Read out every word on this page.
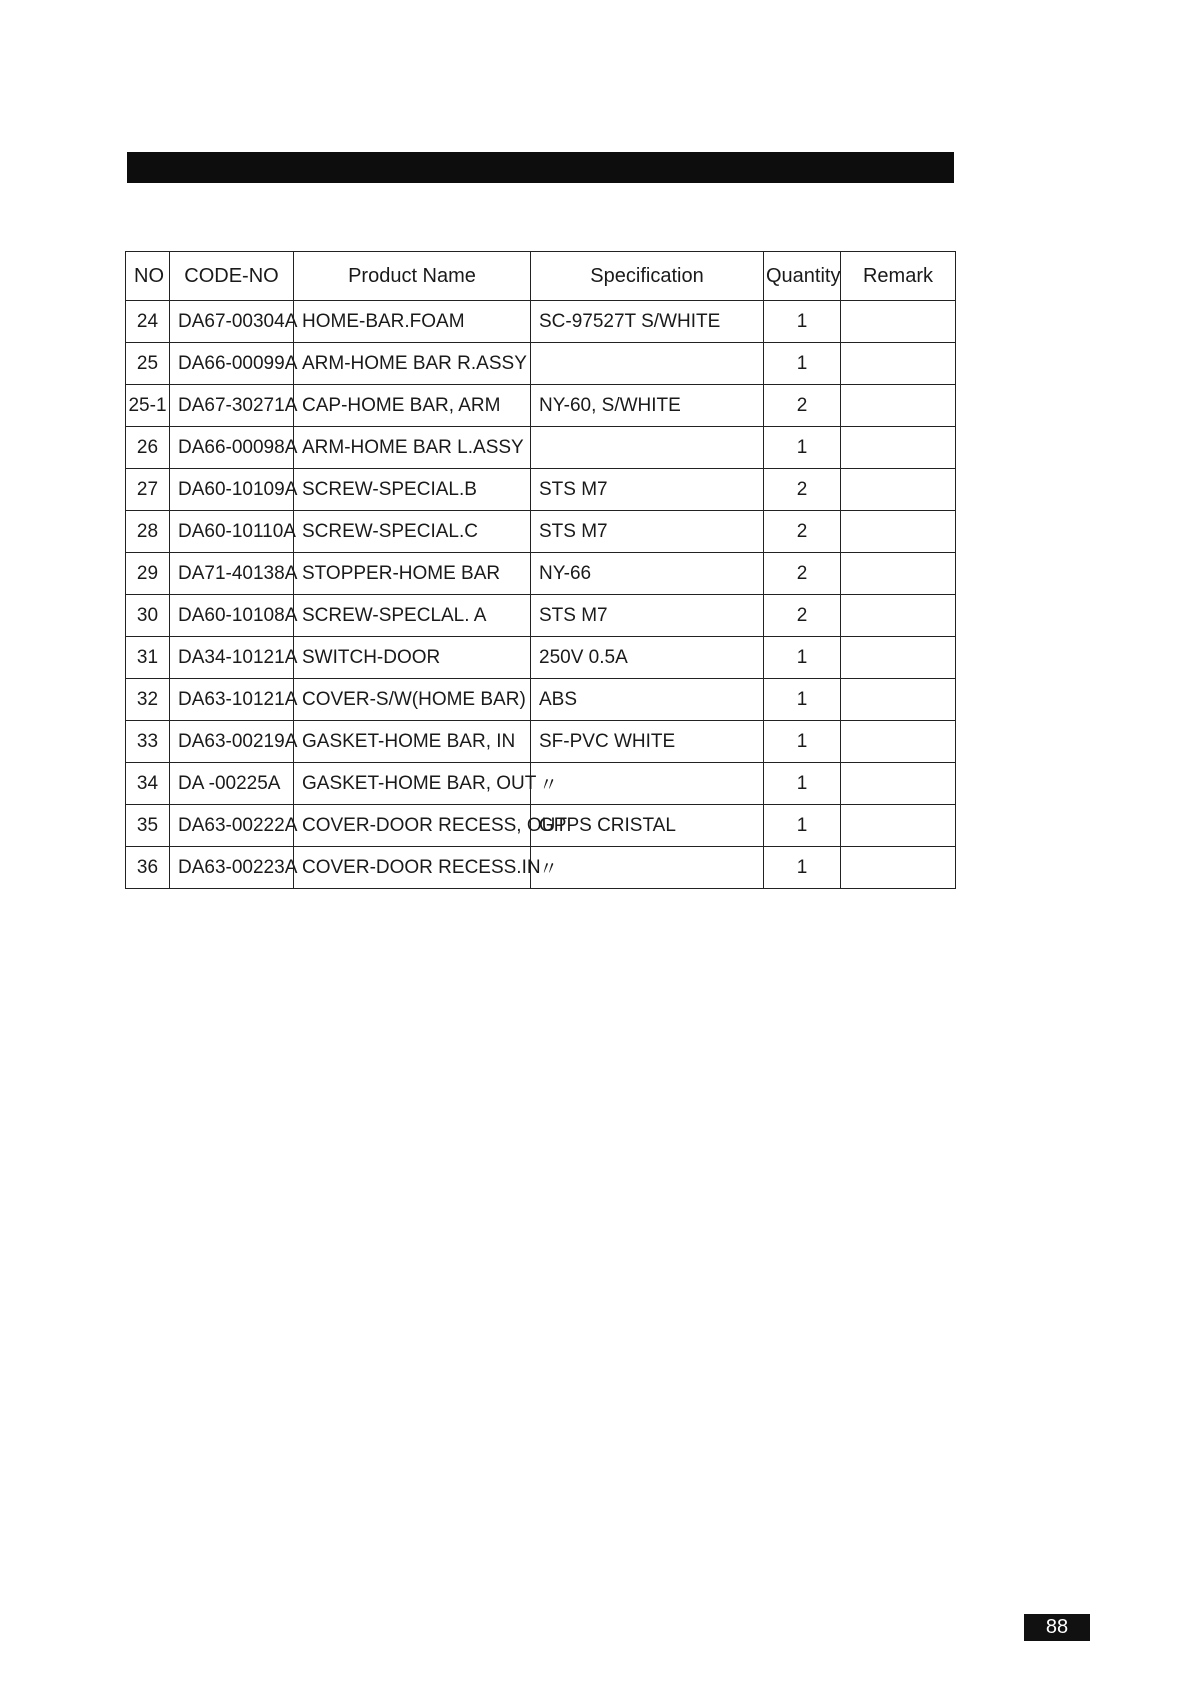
NO	CODE-NO	Product Name	Specification	Quantity	Remark
24	DA67-00304A	HOME-BAR.FOAM	SC-97527T S/WHITE	1	
25	DA66-00099A	ARM-HOME BAR R.ASSY		1	
25-1	DA67-30271A	CAP-HOME BAR, ARM	NY-60, S/WHITE	2	
26	DA66-00098A	ARM-HOME BAR L.ASSY		1	
27	DA60-10109A	SCREW-SPECIAL.B	STS M7	2	
28	DA60-10110A	SCREW-SPECIAL.C	STS M7	2	
29	DA71-40138A	STOPPER-HOME BAR	NY-66	2	
30	DA60-10108A	SCREW-SPECLAL. A	STS M7	2	
31	DA34-10121A	SWITCH-DOOR	250V 0.5A	1	
32	DA63-10121A	COVER-S/W(HOME BAR)	ABS	1	
33	DA63-00219A	GASKET-HOME BAR, IN	SF-PVC WHITE	1	
34	DA -00225A	GASKET-HOME BAR, OUT	〃	1	
35	DA63-00222A	COVER-DOOR RECESS, OUT	GPPS CRISTAL	1	
36	DA63-00223A	COVER-DOOR RECESS.IN	〃	1	
88
